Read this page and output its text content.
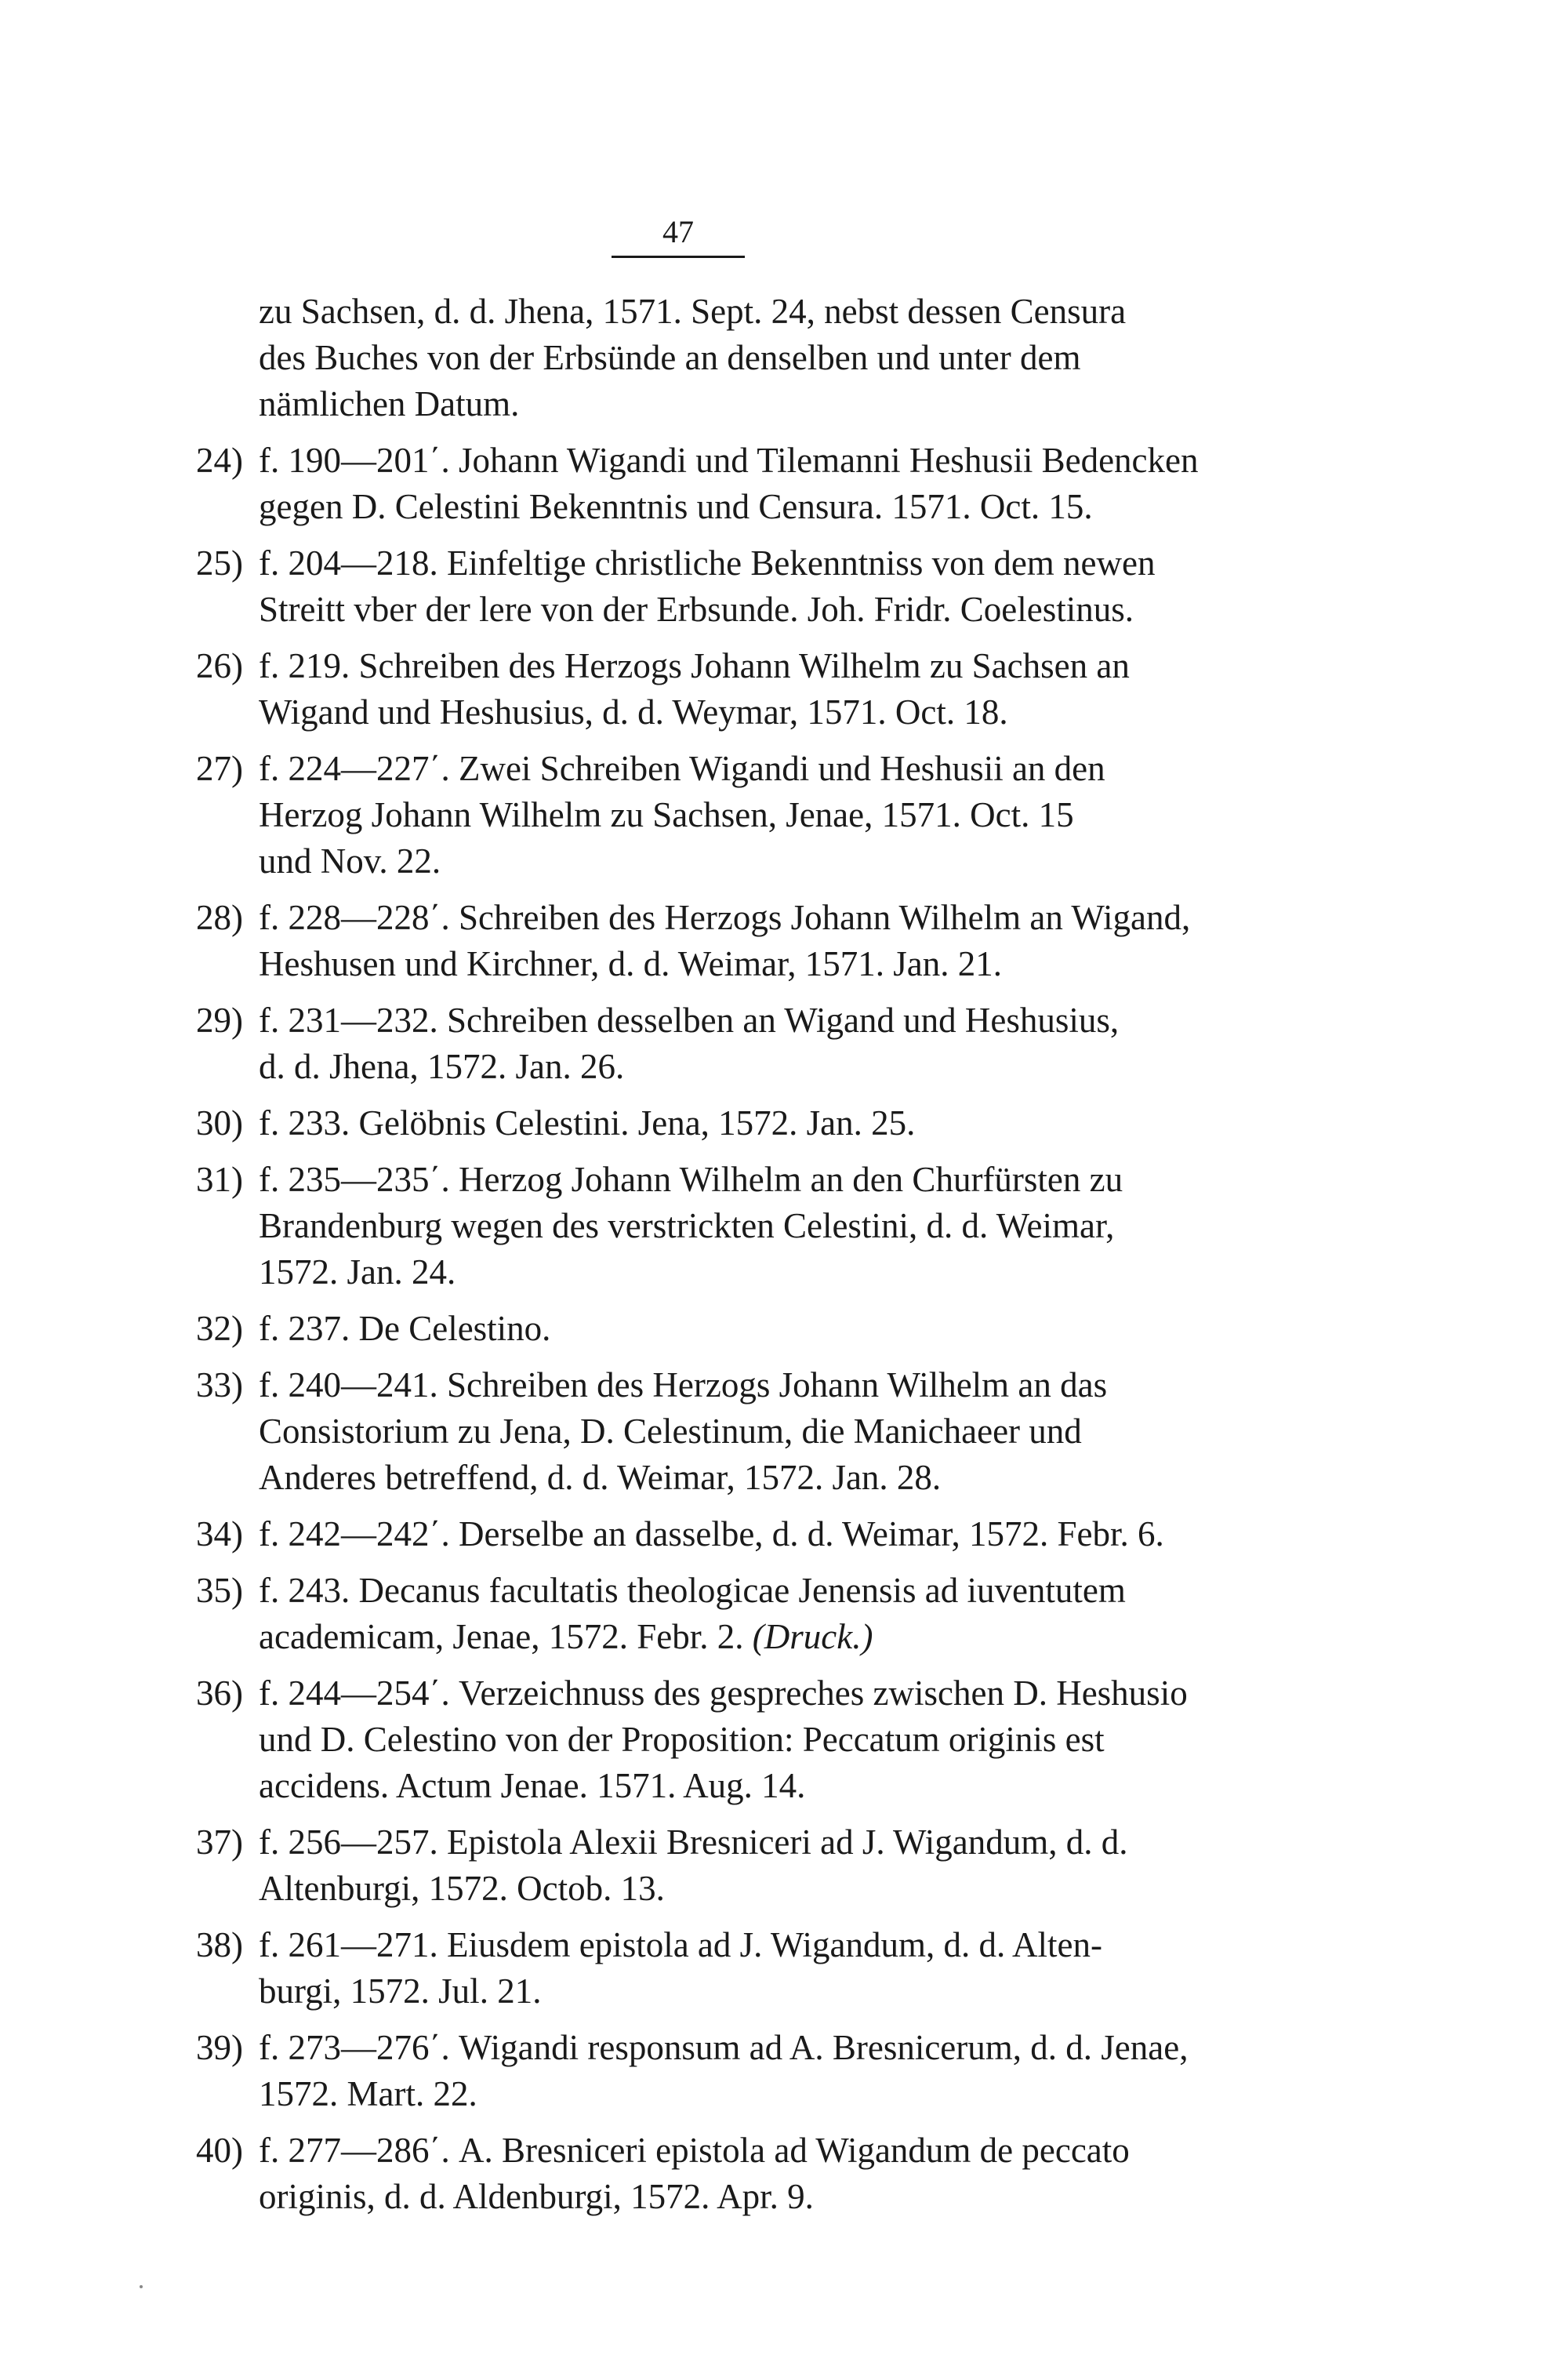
47
zu Sachsen, d. d. Jhena, 1571. Sept. 24, nebst dessen Censura
des Buches von der Erbsünde an denselben und unter dem
nämlichen Datum.
24) f. 190—201΄. Johann Wigandi und Tilemanni Heshusii Bedencken
gegen D. Celestini Bekenntnis und Censura. 1571. Oct. 15.
25) f. 204—218. Einfeltige christliche Bekenntniss von dem newen
Streitt vber der lere von der Erbsunde. Joh. Fridr. Coelestinus.
26) f. 219. Schreiben des Herzogs Johann Wilhelm zu Sachsen an
Wigand und Heshusius, d. d. Weymar, 1571. Oct. 18.
27) f. 224—227΄. Zwei Schreiben Wigandi und Heshusii an den
Herzog Johann Wilhelm zu Sachsen, Jenae, 1571. Oct. 15
und Nov. 22.
28) f. 228—228΄. Schreiben des Herzogs Johann Wilhelm an Wigand,
Heshusen und Kirchner, d. d. Weimar, 1571. Jan. 21.
29) f. 231—232. Schreiben desselben an Wigand und Heshusius,
d. d. Jhena, 1572. Jan. 26.
30) f. 233. Gelöbnis Celestini. Jena, 1572. Jan. 25.
31) f. 235—235΄. Herzog Johann Wilhelm an den Churfürsten zu
Brandenburg wegen des verstrickten Celestini, d. d. Weimar,
1572. Jan. 24.
32) f. 237. De Celestino.
33) f. 240—241. Schreiben des Herzogs Johann Wilhelm an das
Consistorium zu Jena, D. Celestinum, die Manichaeer und
Anderes betreffend, d. d. Weimar, 1572. Jan. 28.
34) f. 242—242΄. Derselbe an dasselbe, d. d. Weimar, 1572. Febr. 6.
35) f. 243. Decanus facultatis theologicae Jenensis ad iuventutem
academicam, Jenae, 1572. Febr. 2. (Druck.)
36) f. 244—254΄. Verzeichnuss des gespreches zwischen D. Heshusio
und D. Celestino von der Proposition: Peccatum originis est
accidens. Actum Jenae. 1571. Aug. 14.
37) f. 256—257. Epistola Alexii Bresniceri ad J. Wigandum, d. d.
Altenburgi, 1572. Octob. 13.
38) f. 261—271. Eiusdem epistola ad J. Wigandum, d. d. Alten-
burgi, 1572. Jul. 21.
39) f. 273—276΄. Wigandi responsum ad A. Bresnicerum, d. d. Jenae,
1572. Mart. 22.
40) f. 277—286΄. A. Bresniceri epistola ad Wigandum de peccato
originis, d. d. Aldenburgi, 1572. Apr. 9.
